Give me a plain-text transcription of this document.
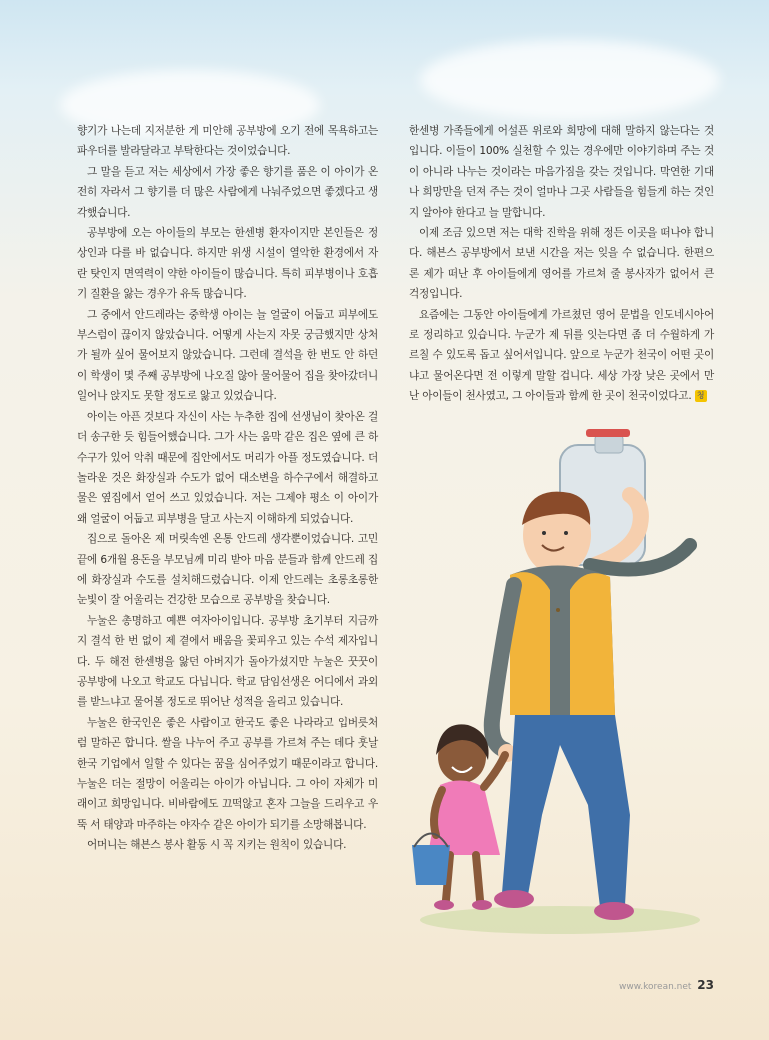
향기가 나는데 지저분한 게 미안해 공부방에 오기 전에 목욕하고는 파우더를 발라달라고 부탁한다는 것이었습니다.

그 말을 듣고 저는 세상에서 가장 좋은 향기를 품은 이 아이가 온전히 자라서 그 향기를 더 많은 사람에게 나눠주었으면 좋겠다고 생각했습니다.

공부방에 오는 아이들의 부모는 한센병 환자이지만 본인들은 정상인과 다를 바 없습니다. 하지만 위생 시설이 열악한 환경에서 자란 탓인지 면역력이 약한 아이들이 많습니다. 특히 피부병이나 호흡기 질환을 앓는 경우가 유독 많습니다.

그 중에서 안드레라는 중학생 아이는 늘 얼굴이 어둡고 피부에도 부스럼이 끊이지 않았습니다. 어떻게 사는지 자못 궁금했지만 상처가 될까 싶어 물어보지 않았습니다. 그런데 결석을 한 번도 안 하던 이 학생이 몇 주째 공부방에 나오질 않아 물어물어 집을 찾아갔더니 일어나 앉지도 못할 정도로 앓고 있었습니다.

아이는 아픈 것보다 자신이 사는 누추한 집에 선생님이 찾아온 걸 더 송구한 듯 힘들어했습니다. 그가 사는 움막 같은 집은 옆에 큰 하수구가 있어 악취 때문에 집안에서도 머리가 아플 정도였습니다. 더 놀라운 것은 화장실과 수도가 없어 대소변을 하수구에서 해결하고 물은 옆집에서 얻어 쓰고 있었습니다. 저는 그제야 평소 이 아이가 왜 얼굴이 어둡고 피부병을 달고 사는지 이해하게 되었습니다.

집으로 돌아온 제 머릿속엔 온통 안드레 생각뿐이었습니다. 고민 끝에 6개월 용돈을 부모님께 미리 받아 마음 분들과 함께 안드레 집에 화장실과 수도를 설치해드렸습니다. 이제 안드레는 초롱초롱한 눈빛이 잘 어울리는 건강한 모습으로 공부방을 찾습니다.

누눌은 총명하고 예쁜 여자아이입니다. 공부방 초기부터 지금까지 결석 한 번 없이 제 곁에서 배움을 꽃피우고 있는 수석 제자입니다. 두 해전 한센병을 앓던 아버지가 돌아가셨지만 누눌은 꿋꿋이 공부방에 나오고 학교도 다닙니다. 학교 담임선생은 어디에서 과외를 받느냐고 물어볼 정도로 뛰어난 성적을 올리고 있습니다.

누눌은 한국인은 좋은 사람이고 한국도 좋은 나라라고 입버릇처럼 말하곤 합니다. 쌀을 나누어 주고 공부를 가르쳐 주는 데다 훗날 한국 기업에서 일할 수 있다는 꿈을 심어주었기 때문이라고 합니다. 누눌은 더는 절망이 어울리는 아이가 아닙니다. 그 아이 자체가 미래이고 희망입니다. 비바람에도 끄떡않고 혼자 그늘을 드리우고 우뚝 서 태양과 마주하는 야자수 같은 아이가 되기를 소망해봅니다.

어머니는 해븐스 봉사 활동 시 꼭 지키는 원칙이 있습니다.

한센병 가족들에게 어설픈 위로와 희망에 대해 말하지 않는다는 것입니다. 이들이 100% 실천할 수 있는 경우에만 이야기하며 주는 것이 아니라 나누는 것이라는 마음가짐을 갖는 것입니다. 막연한 기대나 희망만을 던져 주는 것이 얼마나 그곳 사람들을 힘들게 하는 것인지 알아야 한다고 늘 말합니다.

이제 조금 있으면 저는 대학 진학을 위해 정든 이곳을 떠나야 합니다. 해븐스 공부방에서 보낸 시간을 저는 잊을 수 없습니다. 한편으론 제가 떠난 후 아이들에게 영어를 가르쳐 줄 봉사자가 없어서 큰 걱정입니다.

요즘에는 그동안 아이들에게 가르쳤던 영어 문법을 인도네시아어로 정리하고 있습니다. 누군가 제 뒤를 잇는다면 좀 더 수월하게 가르칠 수 있도록 돕고 싶어서입니다. 앞으로 누군가 천국이 어떤 곳이냐고 물어온다면 전 이렇게 말할 겁니다. 세상 가장 낮은 곳에서 만난 아이들이 천사였고, 그 아이들과 함께 한 곳이 천국이었다고. 청

www.korean.net 23
